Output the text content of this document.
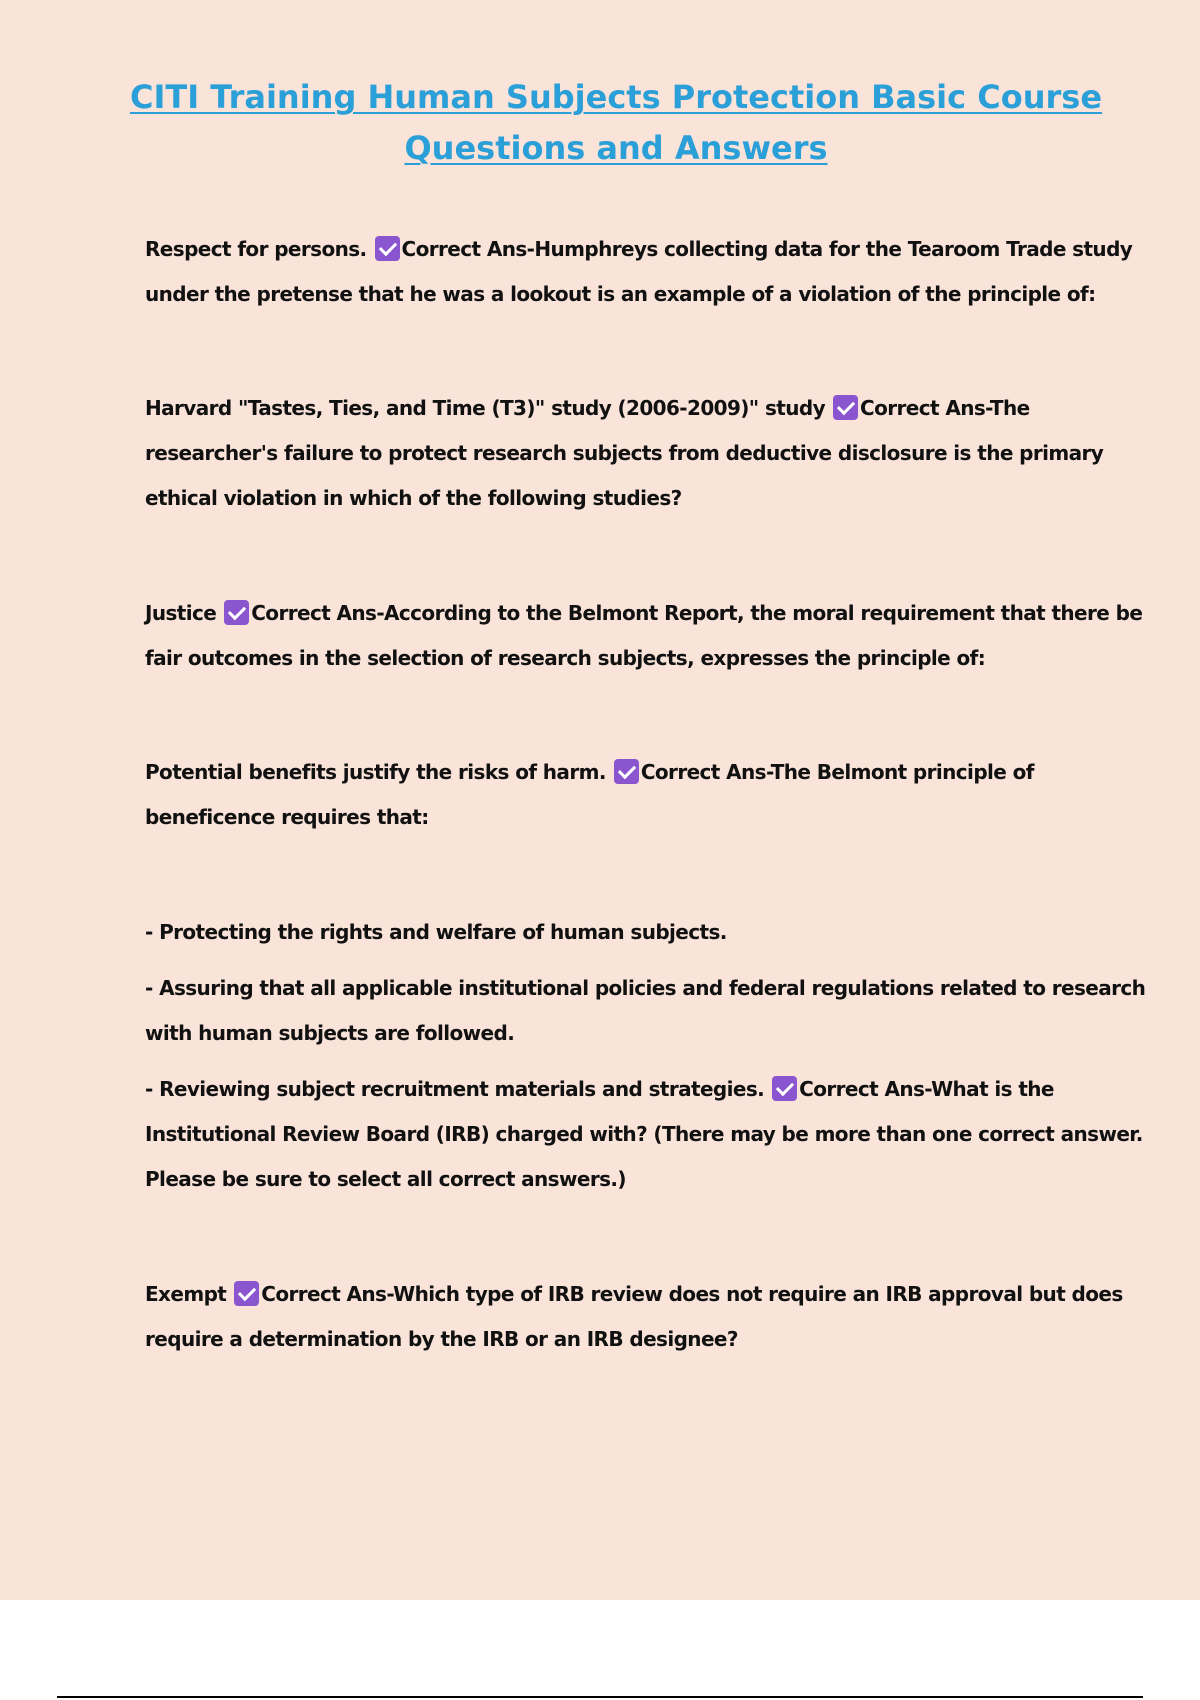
CITI Training Human Subjects Protection Basic Course
Questions and Answers
Respect for persons. Correct Ans-Humphreys collecting data for the Tearoom Trade study
under the pretense that he was a lookout is an example of a violation of the principle of:
Harvard "Tastes, Ties, and Time (T3)" study (2006-2009)" study Correct Ans-The
researcher's failure to protect research subjects from deductive disclosure is the primary
ethical violation in which of the following studies?
Justice Correct Ans-According to the Belmont Report, the moral requirement that there be
fair outcomes in the selection of research subjects, expresses the principle of:
Potential benefits justify the risks of harm. Correct Ans-The Belmont principle of
beneficence requires that:
- Protecting the rights and welfare of human subjects.
- Assuring that all applicable institutional policies and federal regulations related to research
with human subjects are followed.
- Reviewing subject recruitment materials and strategies. Correct Ans-What is the
Institutional Review Board (IRB) charged with? (There may be more than one correct answer.
Please be sure to select all correct answers.)
Exempt Correct Ans-Which type of IRB review does not require an IRB approval but does
require a determination by the IRB or an IRB designee?
